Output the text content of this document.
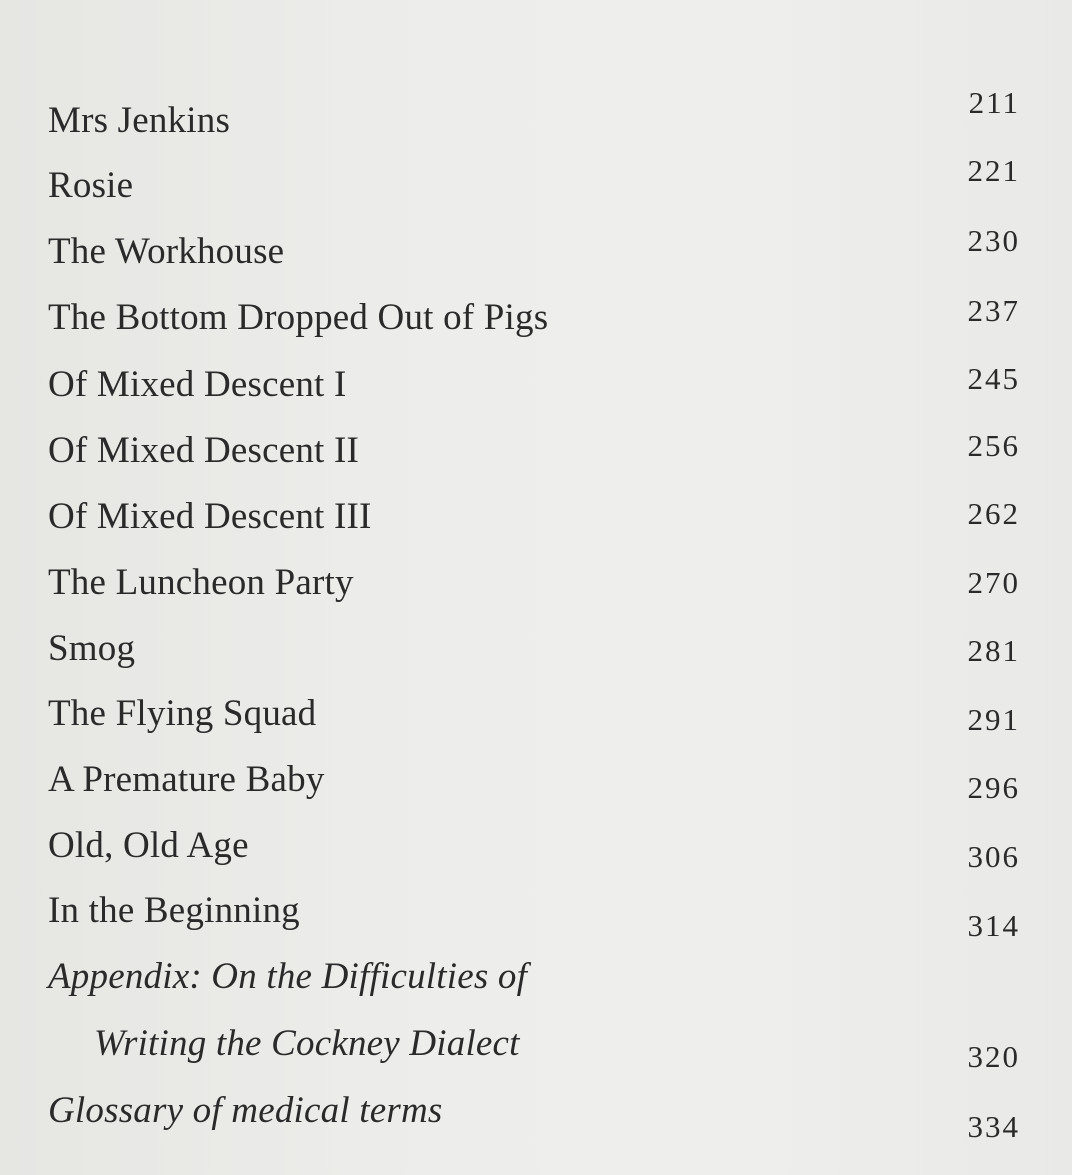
Mrs Jenkins	211
Rosie	221
The Workhouse	230
The Bottom Dropped Out of Pigs	237
Of Mixed Descent I	245
Of Mixed Descent II	256
Of Mixed Descent III	262
The Luncheon Party	270
Smog	281
The Flying Squad	291
A Premature Baby	296
Old, Old Age	306
In the Beginning	314
Appendix: On the Difficulties of
Writing the Cockney Dialect	320
Glossary of medical terms	334
